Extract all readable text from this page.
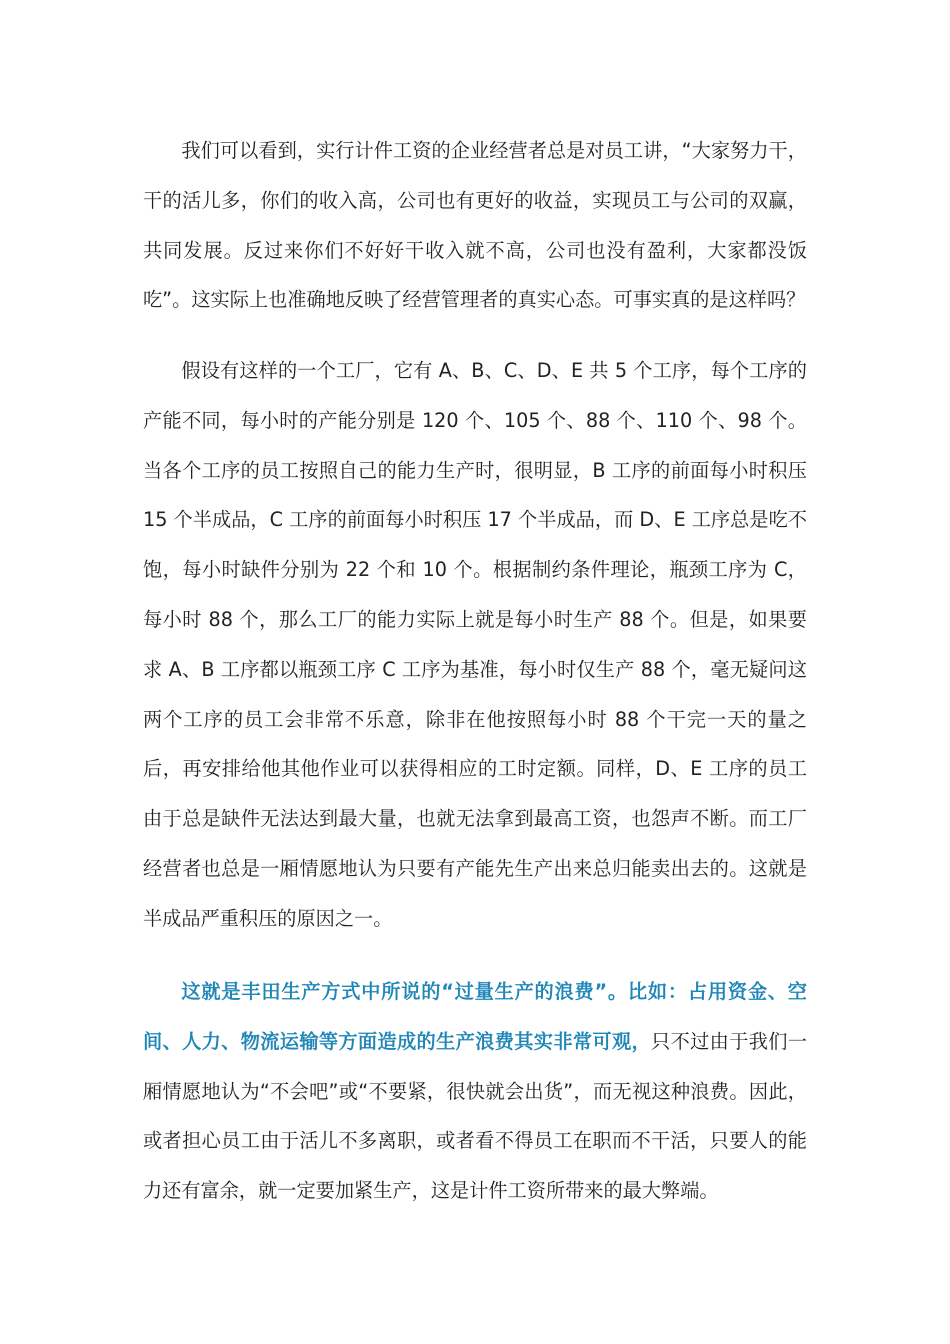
我们可以看到，实行计件工资的企业经营者总是对员工讲，“大家努力干，干的活儿多，你们的收入高，公司也有更好的收益，实现员工与公司的双赢，共同发展。反过来你们不好好干收入就不高，公司也没有盈利，大家都没饭吃”。这实际上也准确地反映了经营管理者的真实心态。可事实真的是这样吗？

假设有这样的一个工厂，它有 A、B、C、D、E 共 5 个工序，每个工序的产能不同，每小时的产能分别是 120 个、105 个、88 个、110 个、98 个。当各个工序的员工按照自己的能力生产时，很明显，B 工序的前面每小时积压 15 个半成品，C 工序的前面每小时积压 17 个半成品，而 D、E 工序总是吃不饱，每小时缺件分别为 22 个和 10 个。根据制约条件理论，瓶颈工序为 C，每小时 88 个，那么工厂的能力实际上就是每小时生产 88 个。但是，如果要求 A、B 工序都以瓶颈工序 C 工序为基准，每小时仅生产 88 个，毫无疑问这两个工序的员工会非常不乐意，除非在他按照每小时 88 个干完一天的量之后，再安排给他其他作业可以获得相应的工时定额。同样，D、E 工序的员工由于总是缺件无法达到最大量，也就无法拿到最高工资，也怨声不断。而工厂经营者也总是一厢情愿地认为只要有产能先生产出来总归能卖出去的。这就是半成品严重积压的原因之一。

这就是丰田生产方式中所说的“过量生产的浪费”。比如：占用资金、空间、人力、物流运输等方面造成的生产浪费其实非常可观，只不过由于我们一厢情愿地认为“不会吧”或“不要紧，很快就会出货”，而无视这种浪费。因此，或者担心员工由于活儿不多离职，或者看不得员工在职而不干活，只要人的能力还有富余，就一定要加紧生产，这是计件工资所带来的最大弊端。
